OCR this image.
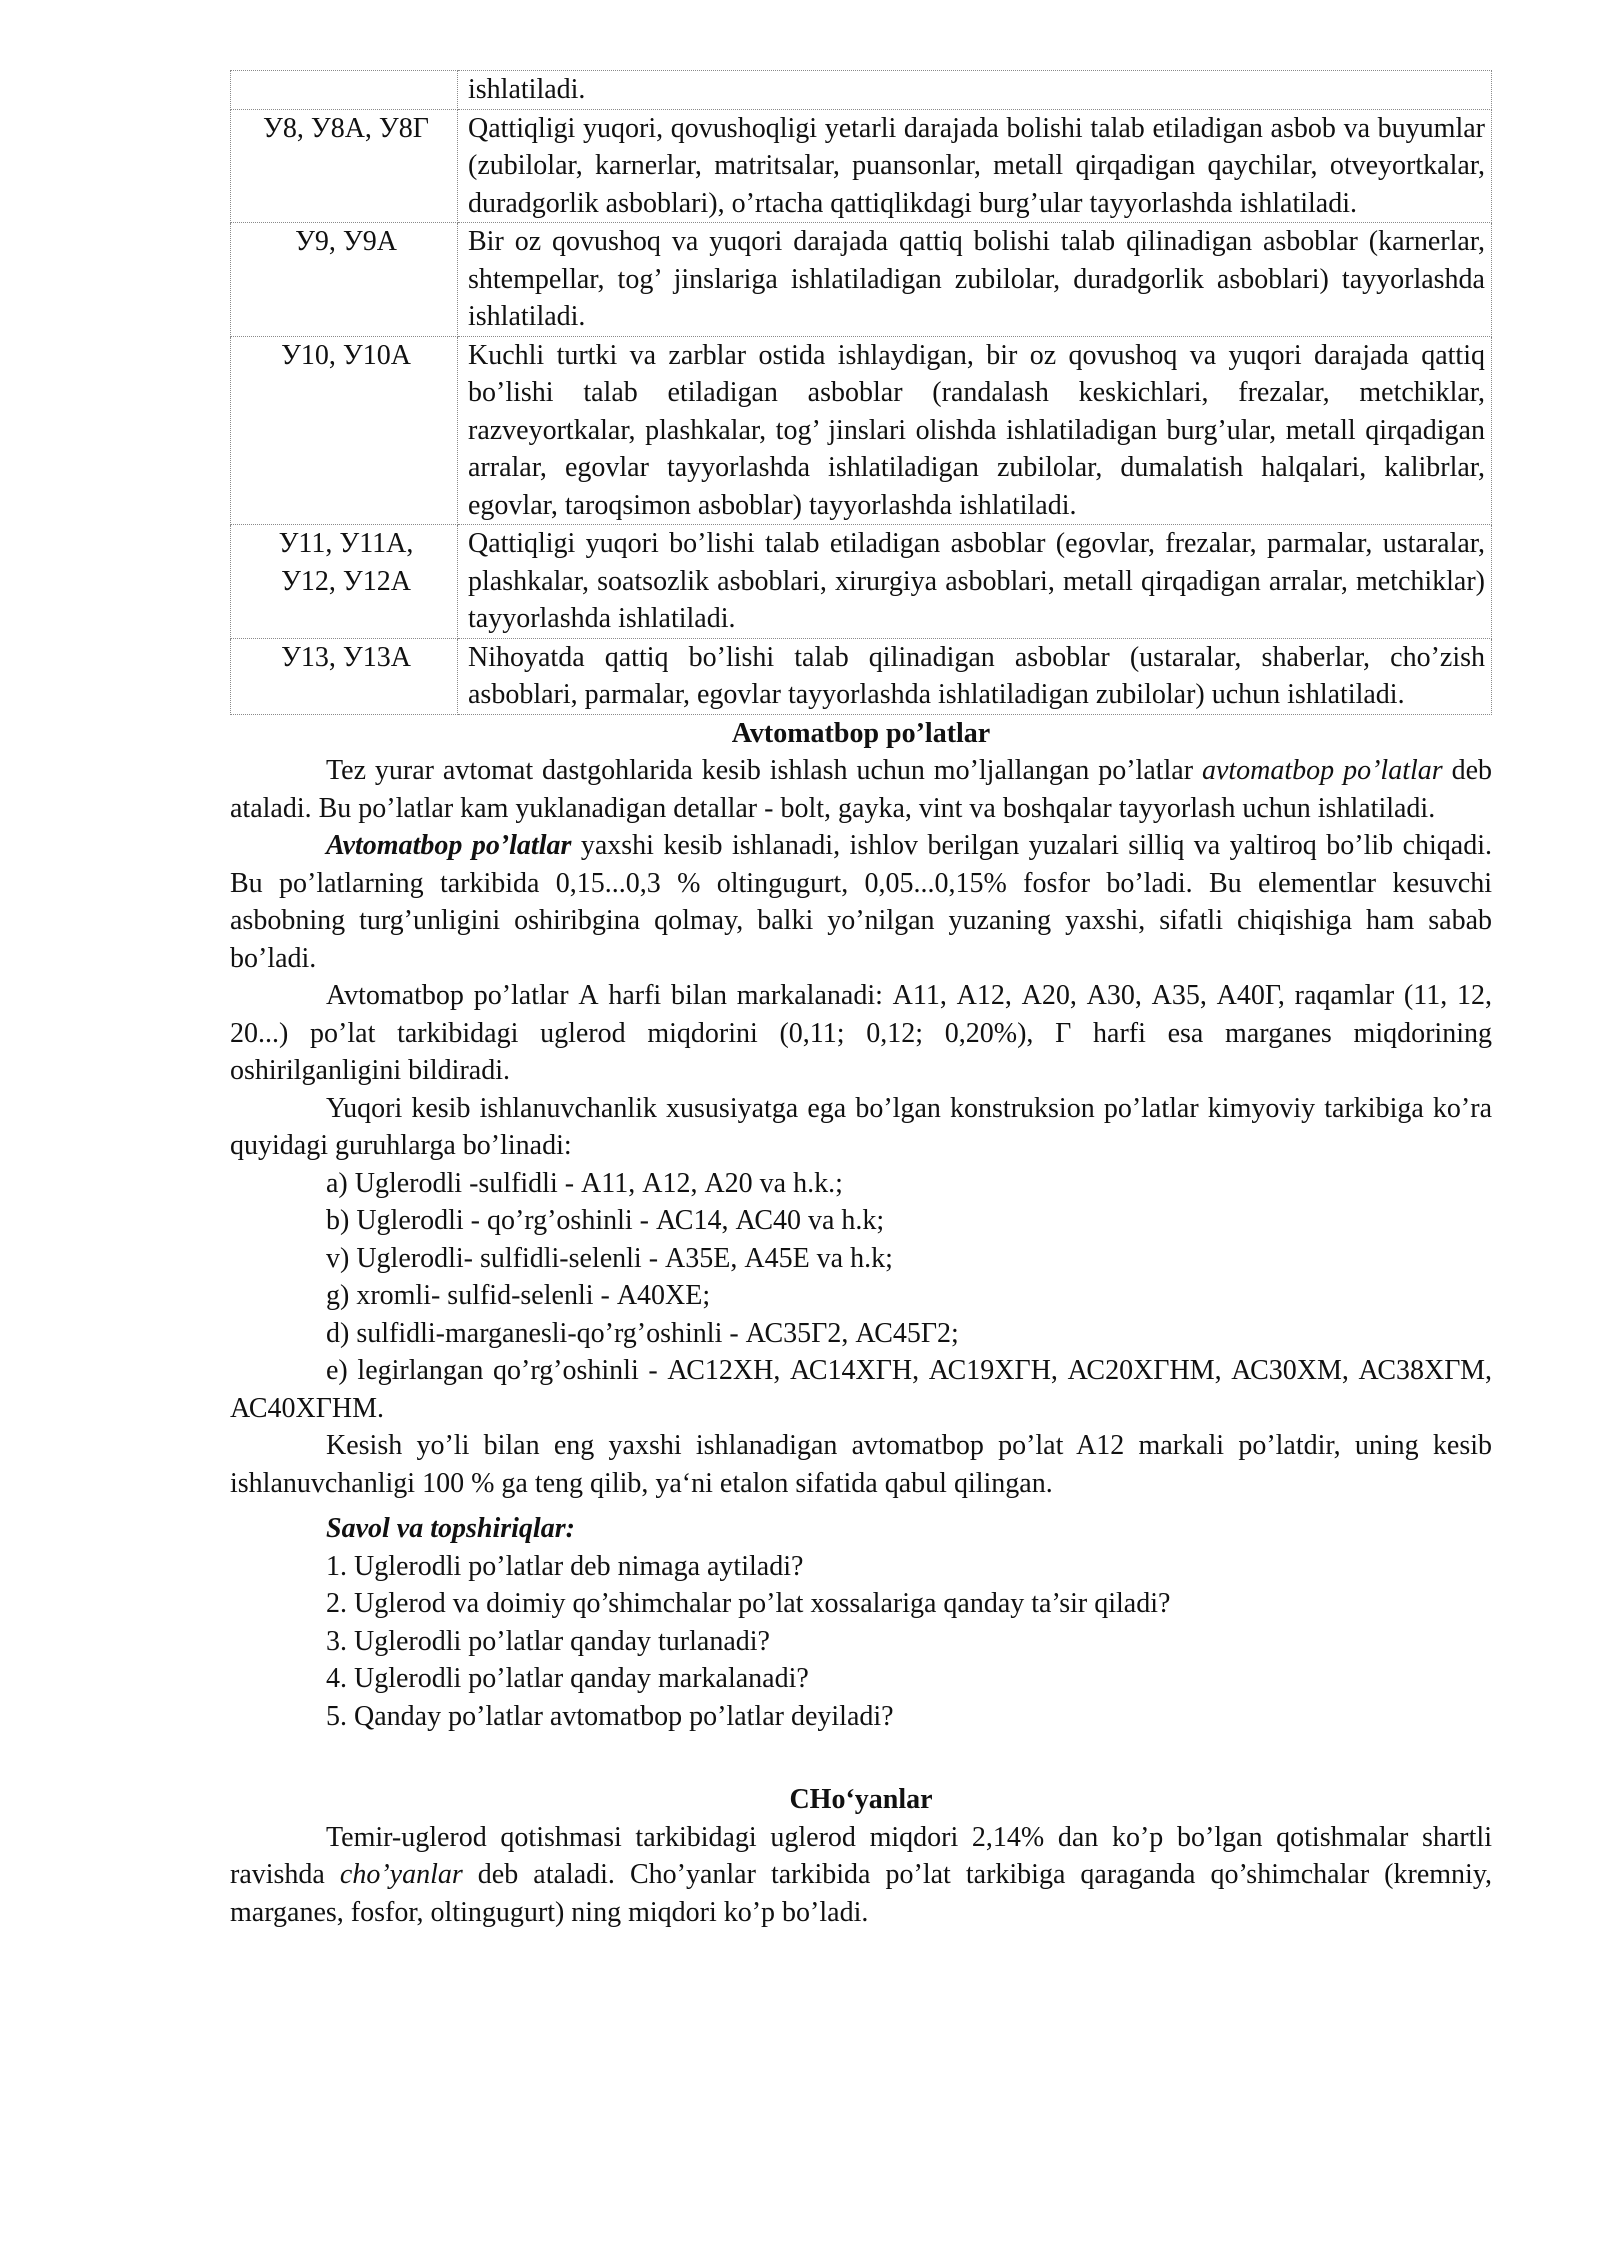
	ishlatiladi.
У8, У8А, У8Г	Qattiqligi yuqori, qovushoqligi yetarli darajada bolishi talab etiladigan asbob va buyumlar (zubilolar, karnerlar, matritsalar, puansonlar, metall qirqadigan qaychilar, otveyortkalar, duradgorlik asboblari), o’rtacha qattiqlikdagi burg’ular tayyorlashda ishlatiladi.
У9, У9А	Bir oz qovushoq va yuqori darajada qattiq bolishi talab qilinadigan asboblar (karnerlar, shtempellar, tog’ jinslariga ishlatiladigan zubilolar, duradgorlik asboblari) tayyorlashda ishlatiladi.
У10, У10А	Kuchli turtki va zarblar ostida ishlaydigan, bir oz qovushoq va yuqori darajada qattiq bo’lishi talab etiladigan asboblar (randalash keskichlari, frezalar, metchiklar, razveyortkalar, plashkalar, tog’ jinslari olishda ishlatiladigan burg’ular, metall qirqadigan arralar, egovlar tayyorlashda ishlatiladigan zubilolar, dumalatish halqalari, kalibrlar, egovlar, taroqsimon asboblar) tayyorlashda ishlatiladi.
У11, У11А,
У12, У12А	Qattiqligi yuqori bo’lishi talab etiladigan asboblar (egovlar, frezalar, parmalar, ustaralar, plashkalar, soatsozlik asboblari, xirurgiya asboblari, metall qirqadigan arralar, metchiklar) tayyorlashda ishlatiladi.
У13, У13А	Nihoyatda qattiq bo’lishi talab qilinadigan asboblar (ustaralar, shaberlar, cho’zish asboblari, parmalar, egovlar tayyorlashda ishlatiladigan zubilolar) uchun ishlatiladi.
Avtomatbop po’latlar

Tez yurar avtomat dastgohlarida kesib ishlash uchun mo’ljallangan po’latlar avtomatbop po’latlar deb ataladi. Bu po’latlar kam yuklanadigan detallar - bolt, gayka, vint va boshqalar tayyorlash uchun ishlatiladi.

Avtomatbop po’latlar yaxshi kesib ishlanadi, ishlov berilgan yuzalari silliq va yaltiroq bo’lib chiqadi. Bu po’latlarning tarkibida 0,15...0,3 % oltingugurt, 0,05...0,15% fosfor bo’ladi. Bu elementlar kesuvchi asbobning turg’unligini oshiribgina qolmay, balki yo’nilgan yuzaning yaxshi, sifatli chiqishiga ham sabab bo’ladi.

Avtomatbop po’latlar А harfi bilan markalanadi: А11, А12, А20, А30, А35, А40Г, raqamlar (11, 12, 20...) po’lat tarkibidagi uglerod miqdorini (0,11; 0,12; 0,20%), Г harfi esa marganes miqdorining oshirilganligini bildiradi.

Yuqori kesib ishlanuvchanlik xususiyatga ega bo’lgan konstruksion po’latlar kimyoviy tarkibiga ko’ra quyidagi guruhlarga bo’linadi:

a) Uglerodli -sulfidli - А11, А12, А20 va h.k.;

b) Uglerodli - qo’rg’oshinli - АС14, АС40 va h.k;

v) Uglerodli- sulfidli-selenli - А35Е, А45Е va h.k;

g) xromli- sulfid-selenli - А40ХЕ;

d) sulfidli-marganesli-qo’rg’oshinli - АС35Г2, АС45Г2;

e) legirlangan qo’rg’oshinli - АС12ХН, АС14ХГН, АС19ХГН, АС20ХГНМ, АС30ХМ, АС38ХГМ, АС40ХГНМ.

Kesish yo’li bilan eng yaxshi ishlanadigan avtomatbop po’lat A12 markali po’latdir, uning kesib ishlanuvchanligi 100 % ga teng qilib, ya‘ni etalon sifatida qabul qilingan.

Savol va topshiriqlar:

1. Uglerodli po’latlar deb nimaga aytiladi?

2. Uglerod va doimiy qo’shimchalar po’lat xossalariga qanday ta’sir qiladi?

3. Uglerodli po’latlar qanday turlanadi?

4. Uglerodli po’latlar qanday markalanadi?

5. Qanday po’latlar avtomatbop po’latlar deyiladi?

CHo‘yanlar

Temir-uglerod qotishmasi tarkibidagi uglerod miqdori 2,14% dan ko’p bo’lgan qotishmalar shartli ravishda cho’yanlar deb ataladi. Cho’yanlar tarkibida po’lat tarkibiga qaraganda qo’shimchalar (kremniy, marganes, fosfor, oltingugurt) ning miqdori ko’p bo’ladi.
